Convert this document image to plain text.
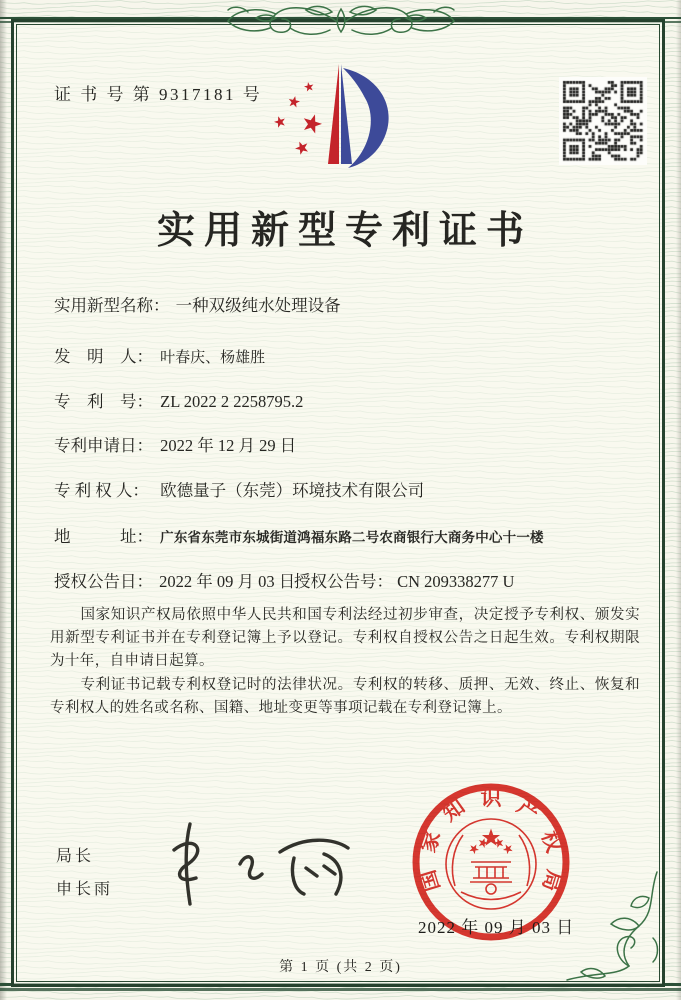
证 书 号 第 9317181 号
实用新型专利证书
实用新型名称： 一种双级纯水处理设备
发　明　人： 叶春庆、杨雄胜
专　利　号： ZL 2022 2 2258795.2
专利申请日： 2022 年 12 月 29 日
专 利 权 人： 欧德量子（东莞）环境技术有限公司
地　　　址： 广东省东莞市东城街道鸿福东路二号农商银行大商务中心十一楼
授权公告日： 2022 年 09 月 03 日
授权公告号： CN 209338277 U

国家知识产权局依照中华人民共和国专利法经过初步审查，决定授予专利权、颁发实用新型专利证书并在专利登记簿上予以登记。专利权自授权公告之日起生效。专利权期限为十年，自申请日起算。

专利证书记载专利权登记时的法律状况。专利权的转移、质押、无效、终止、恢复和专利权人的姓名或名称、国籍、地址变更等事项记载在专利登记簿上。

局长
申长雨	国
家
知 识 产
权
局
2022 年 09 月 03 日
第 1 页 (共 2 页)
